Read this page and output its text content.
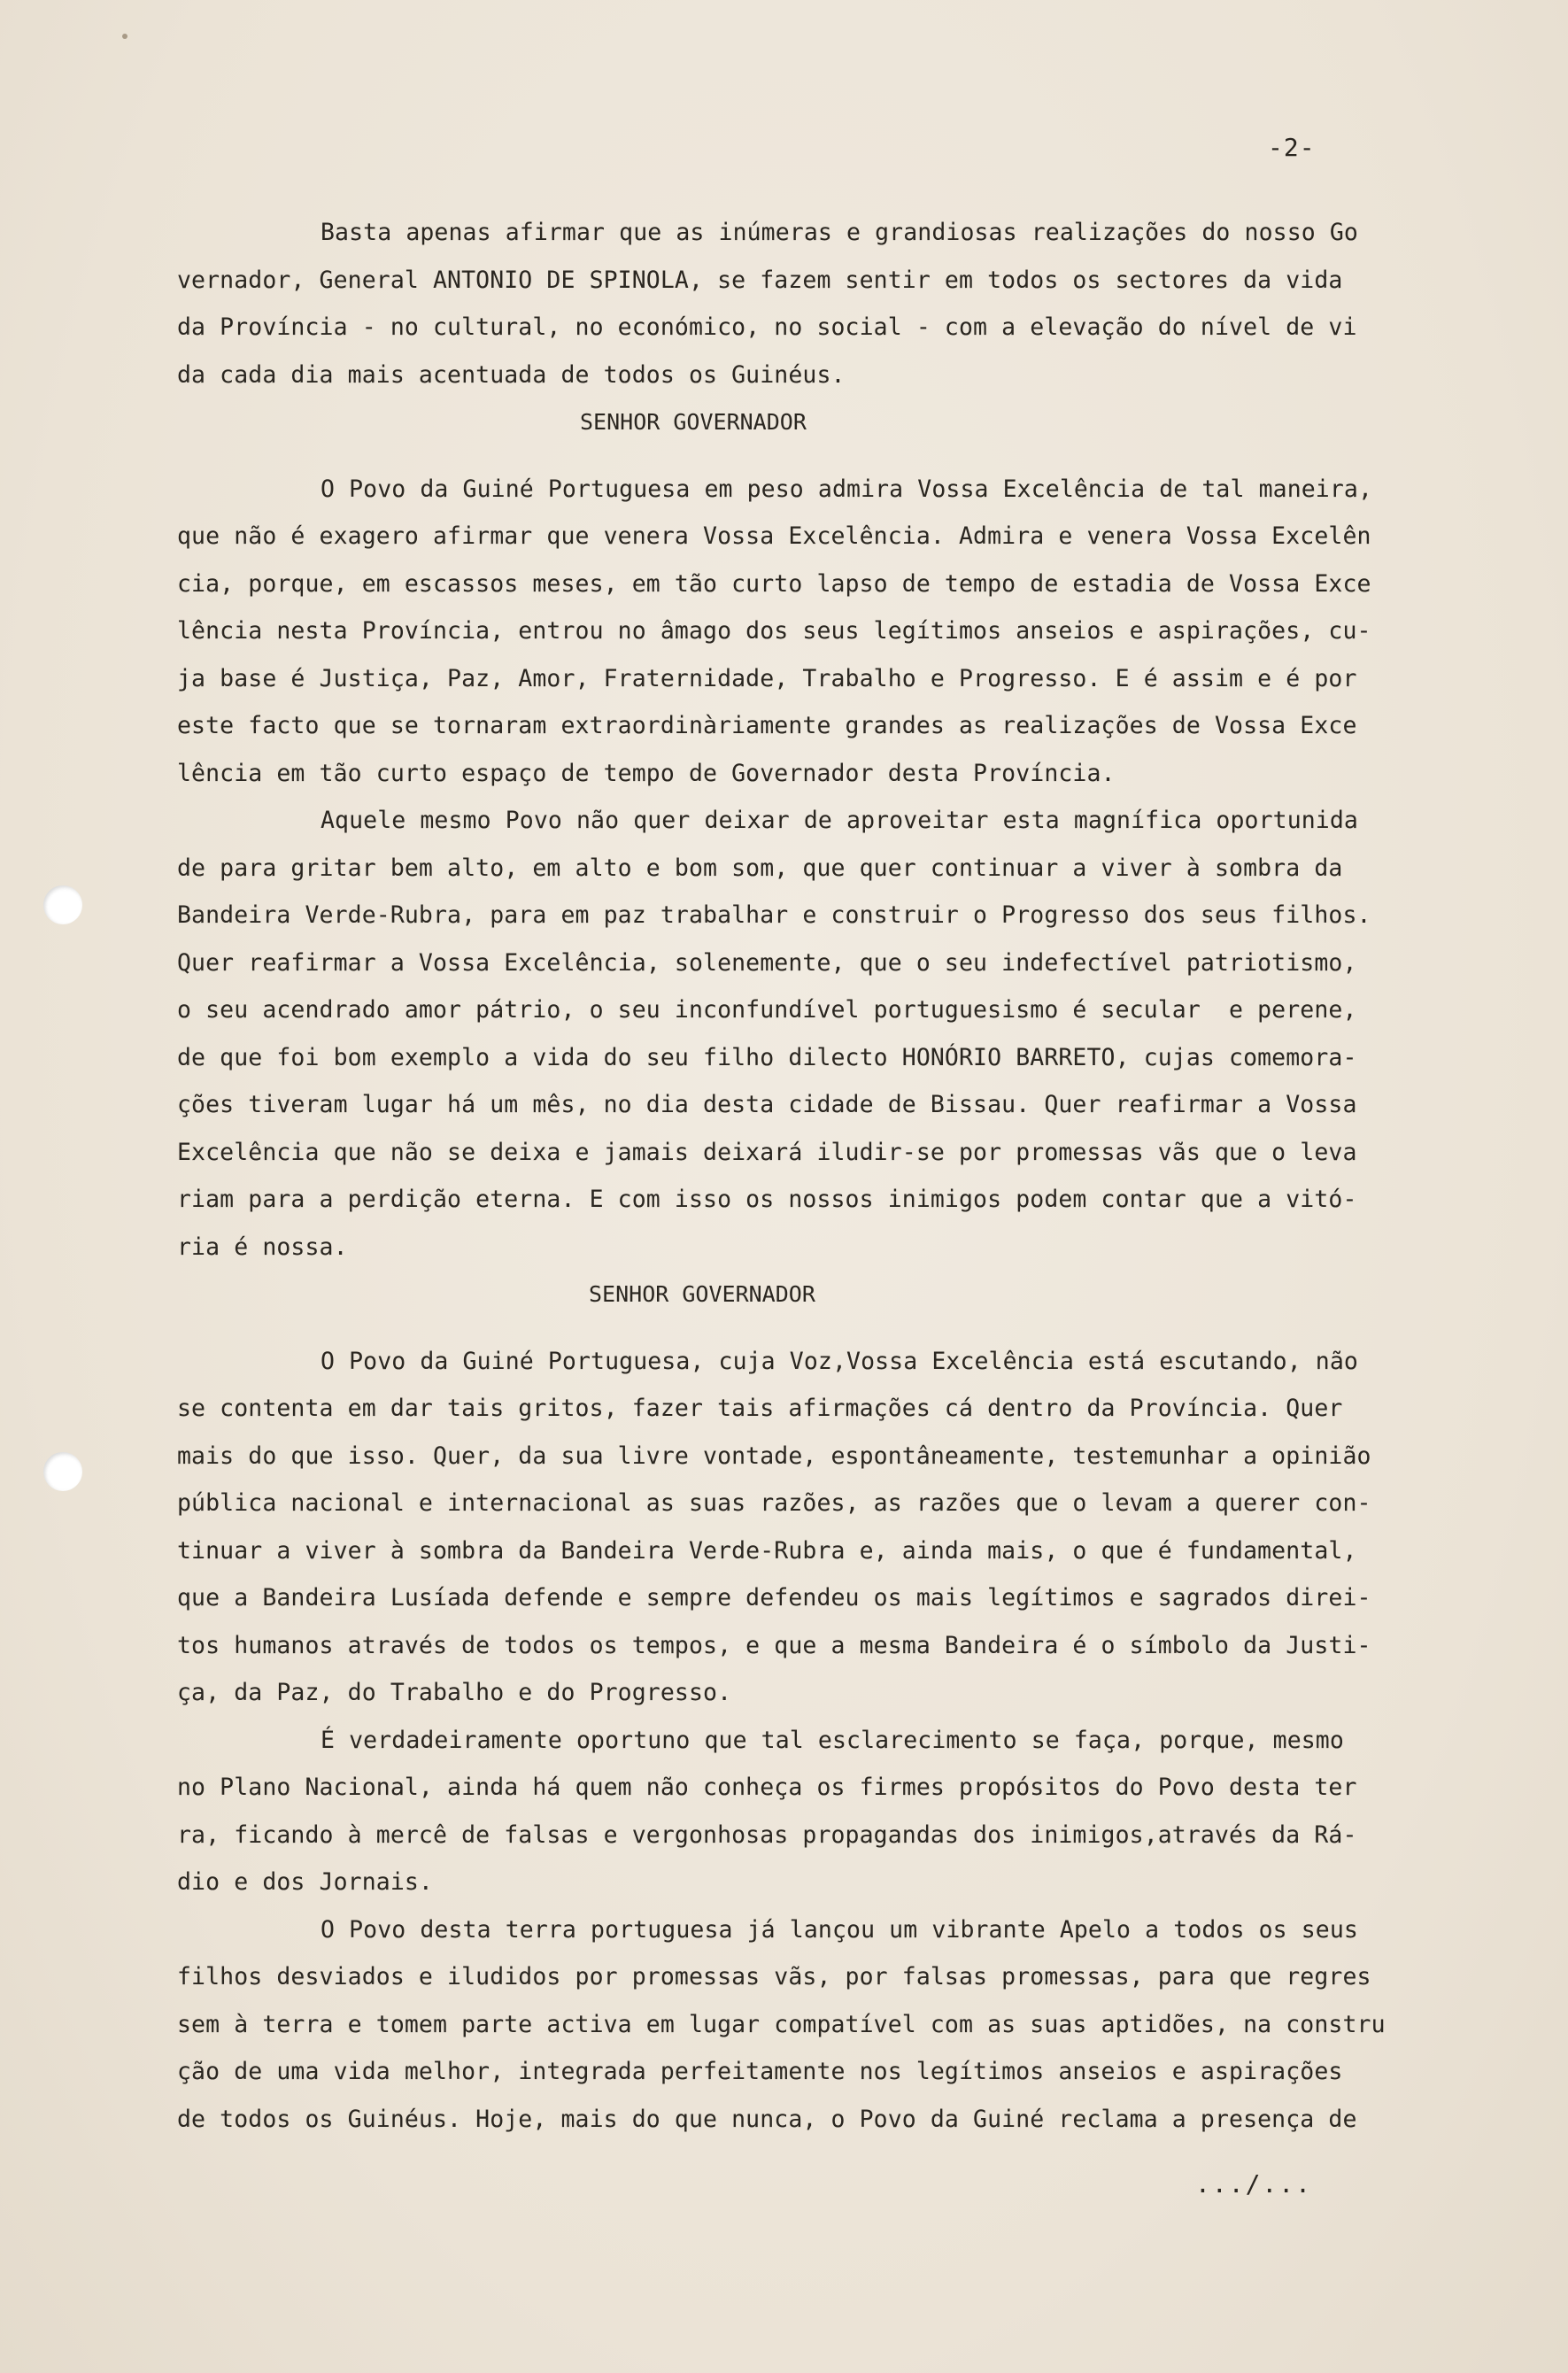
-2-
Basta apenas afirmar que as inúmeras e grandiosas realizações do nosso Go
vernador, General ANTONIO DE SPINOLA, se fazem sentir em todos os sectores da vida
da Província - no cultural, no económico, no social - com a elevação do nível de vi
da cada dia mais acentuada de todos os Guinéus.
SENHOR GOVERNADOR
O Povo da Guiné Portuguesa em peso admira Vossa Excelência de tal maneira,
que não é exagero afirmar que venera Vossa Excelência. Admira e venera Vossa Excelên
cia, porque, em escassos meses, em tão curto lapso de tempo de estadia de Vossa Exce
lência nesta Província, entrou no âmago dos seus legítimos anseios e aspirações, cu-
ja base é Justiça, Paz, Amor, Fraternidade, Trabalho e Progresso. E é assim e é por
este facto que se tornaram extraordinàriamente grandes as realizações de Vossa Exce
lência em tão curto espaço de tempo de Governador desta Província.
Aquele mesmo Povo não quer deixar de aproveitar esta magnífica oportunida
de para gritar bem alto, em alto e bom som, que quer continuar a viver à sombra da
Bandeira Verde-Rubra, para em paz trabalhar e construir o Progresso dos seus filhos.
Quer reafirmar a Vossa Excelência, solenemente, que o seu indefectível patriotismo,
o seu acendrado amor pátrio, o seu inconfundível portuguesismo é secular  e perene,
de que foi bom exemplo a vida do seu filho dilecto HONÓRIO BARRETO, cujas comemora-
ções tiveram lugar há um mês, no dia desta cidade de Bissau. Quer reafirmar a Vossa
Excelência que não se deixa e jamais deixará iludir-se por promessas vãs que o leva
riam para a perdição eterna. E com isso os nossos inimigos podem contar que a vitó-
ria é nossa.
SENHOR GOVERNADOR
O Povo da Guiné Portuguesa, cuja Voz,Vossa Excelência está escutando, não
se contenta em dar tais gritos, fazer tais afirmações cá dentro da Província. Quer
mais do que isso. Quer, da sua livre vontade, espontâneamente, testemunhar a opinião
pública nacional e internacional as suas razões, as razões que o levam a querer con-
tinuar a viver à sombra da Bandeira Verde-Rubra e, ainda mais, o que é fundamental,
que a Bandeira Lusíada defende e sempre defendeu os mais legítimos e sagrados direi-
tos humanos através de todos os tempos, e que a mesma Bandeira é o símbolo da Justi-
ça, da Paz, do Trabalho e do Progresso.
É verdadeiramente oportuno que tal esclarecimento se faça, porque, mesmo
no Plano Nacional, ainda há quem não conheça os firmes propósitos do Povo desta ter
ra, ficando à mercê de falsas e vergonhosas propagandas dos inimigos,através da Rá-
dio e dos Jornais.
O Povo desta terra portuguesa já lançou um vibrante Apelo a todos os seus
filhos desviados e iludidos por promessas vãs, por falsas promessas, para que regres
sem à terra e tomem parte activa em lugar compatível com as suas aptidões, na constru
ção de uma vida melhor, integrada perfeitamente nos legítimos anseios e aspirações
de todos os Guinéus. Hoje, mais do que nunca, o Povo da Guiné reclama a presença de
.../...
